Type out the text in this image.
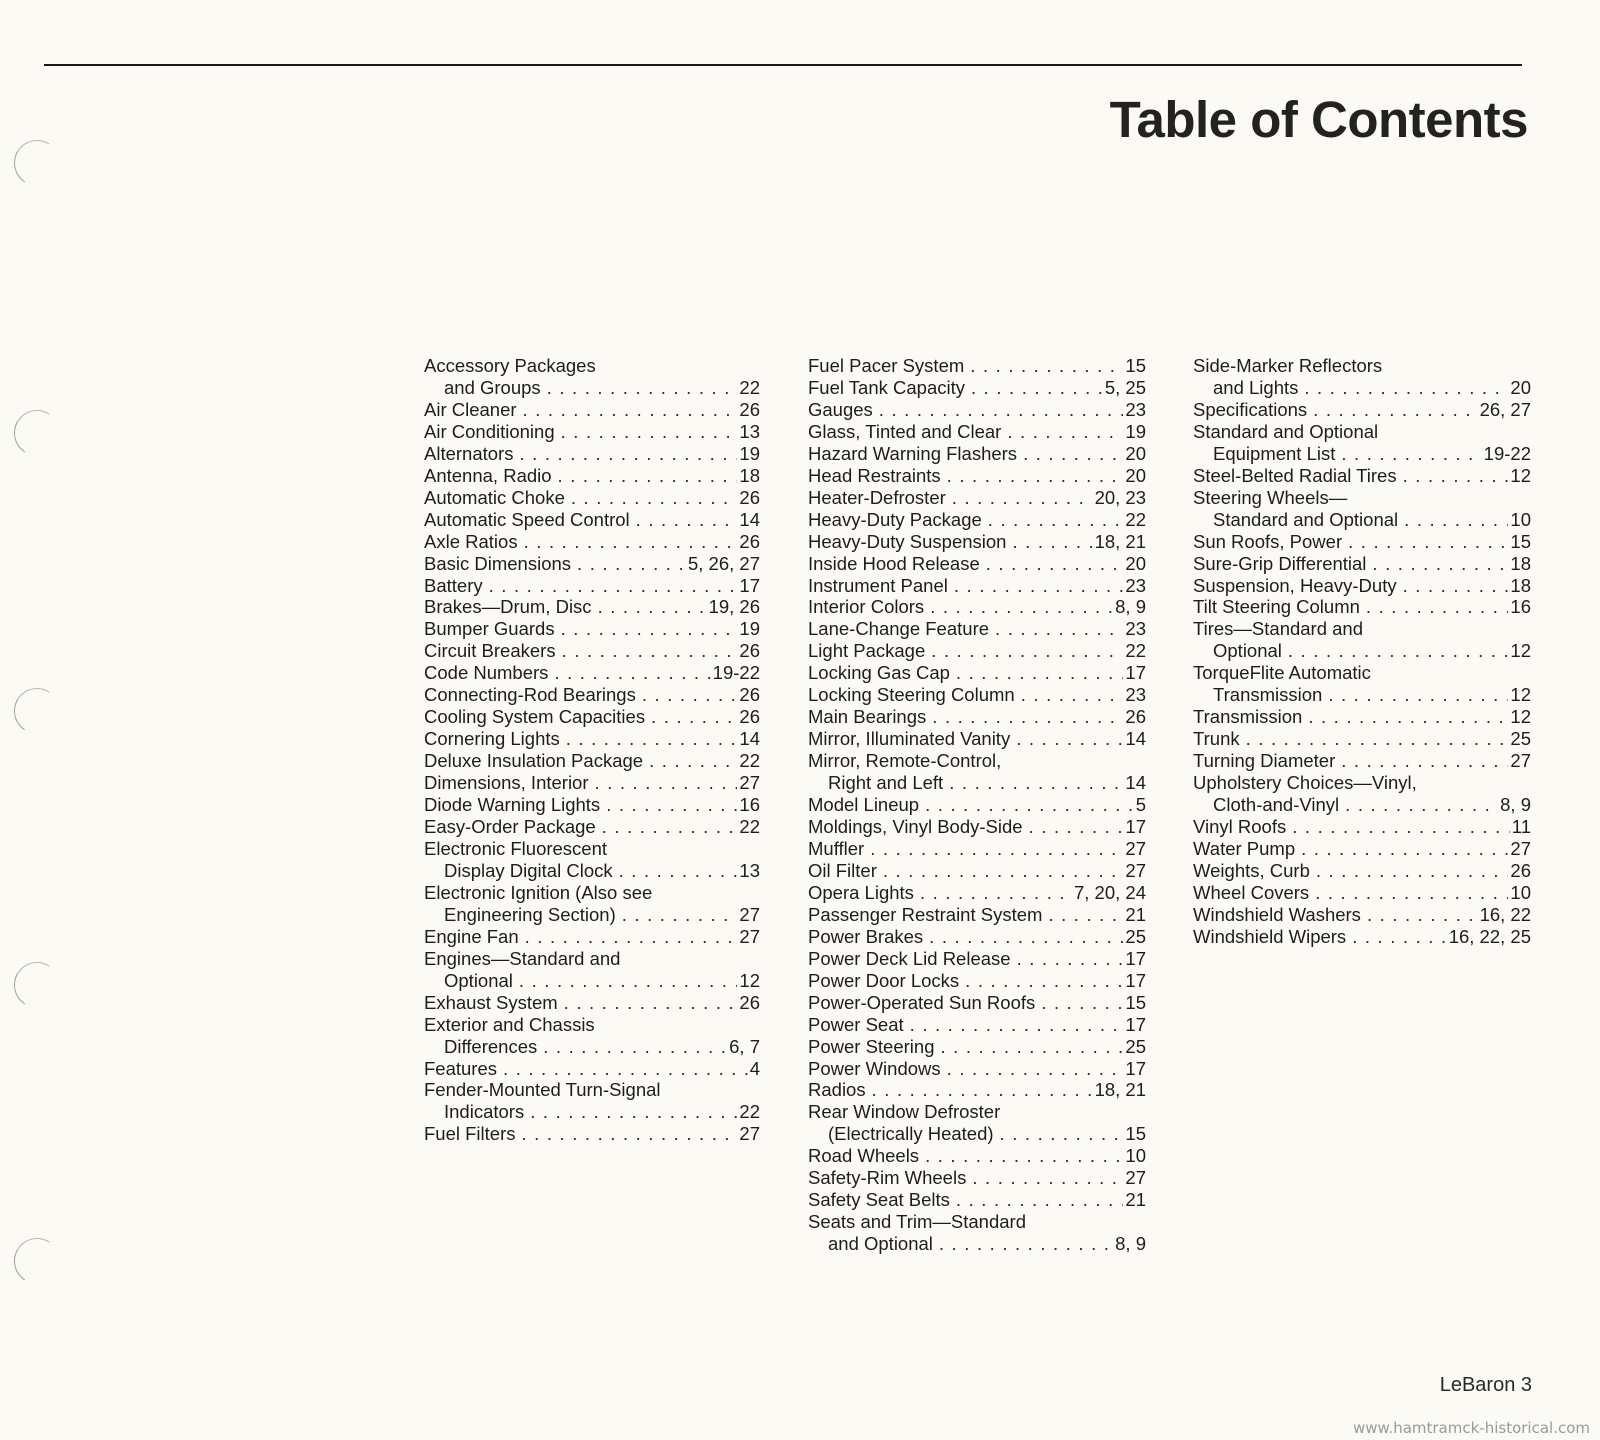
Table of Contents
Accessory Packages
and Groups . . .	22
Air Cleaner . . .	26
Air Conditioning . . .	13
Alternators . . .	19
Antenna, Radio . . .	18
Automatic Choke . . .	26
Automatic Speed Control . . .	14
Axle Ratios . . .	26
Basic Dimensions . . .	5, 26, 27
Battery . . .	17
Brakes—Drum, Disc . . .	19, 26
Bumper Guards . . .	19
Circuit Breakers . . .	26
Code Numbers . . .	19-22
Connecting-Rod Bearings . . .	26
Cooling System Capacities . . .	26
Cornering Lights . . .	14
Deluxe Insulation Package . . .	22
Dimensions, Interior . . .	27
Diode Warning Lights . . .	16
Easy-Order Package . . .	22
Electronic Fluorescent
Display Digital Clock . . .	13
Electronic Ignition (Also see
Engineering Section) . . .	27
Engine Fan . . .	27
Engines—Standard and
Optional . . .	12
Exhaust System . . .	26
Exterior and Chassis
Differences . . .	6, 7
Features . . .	4
Fender-Mounted Turn-Signal
Indicators . . .	22
Fuel Filters . . .	27
Fuel Pacer System . . .	15
Fuel Tank Capacity . . .	5, 25
Gauges . . .	23
Glass, Tinted and Clear . . .	19
Hazard Warning Flashers . . .	20
Head Restraints . . .	20
Heater-Defroster . . .	20, 23
Heavy-Duty Package . . .	22
Heavy-Duty Suspension . . .	18, 21
Inside Hood Release . . .	20
Instrument Panel . . .	23
Interior Colors . . .	8, 9
Lane-Change Feature . . .	23
Light Package . . .	22
Locking Gas Cap . . .	17
Locking Steering Column . . .	23
Main Bearings . . .	26
Mirror, Illuminated Vanity . . .	14
Mirror, Remote-Control,
Right and Left . . .	14
Model Lineup . . .	5
Moldings, Vinyl Body-Side . . .	17
Muffler . . .	27
Oil Filter . . .	27
Opera Lights . . .	7, 20, 24
Passenger Restraint System . . .	21
Power Brakes . . .	25
Power Deck Lid Release . . .	17
Power Door Locks . . .	17
Power-Operated Sun Roofs . . .	15
Power Seat . . .	17
Power Steering . . .	25
Power Windows . . .	17
Radios . . .	18, 21
Rear Window Defroster
(Electrically Heated) . . .	15
Road Wheels . . .	10
Safety-Rim Wheels . . .	27
Safety Seat Belts . . .	21
Seats and Trim—Standard
and Optional . . .	8, 9
Side-Marker Reflectors
and Lights . . .	20
Specifications . . .	26, 27
Standard and Optional
Equipment List . . .	19-22
Steel-Belted Radial Tires . . .	12
Steering Wheels—
Standard and Optional . . .	10
Sun Roofs, Power . . .	15
Sure-Grip Differential . . .	18
Suspension, Heavy-Duty . . .	18
Tilt Steering Column . . .	16
Tires—Standard and
Optional . . .	12
TorqueFlite Automatic
Transmission . . .	12
Transmission . . .	12
Trunk . . .	25
Turning Diameter . . .	27
Upholstery Choices—Vinyl,
Cloth-and-Vinyl . . .	8, 9
Vinyl Roofs . . .	11
Water Pump . . .	27
Weights, Curb . . .	26
Wheel Covers . . .	10
Windshield Washers . . .	16, 22
Windshield Wipers . . .	16, 22, 25
LeBaron 3
www.hamtramck-historical.com
